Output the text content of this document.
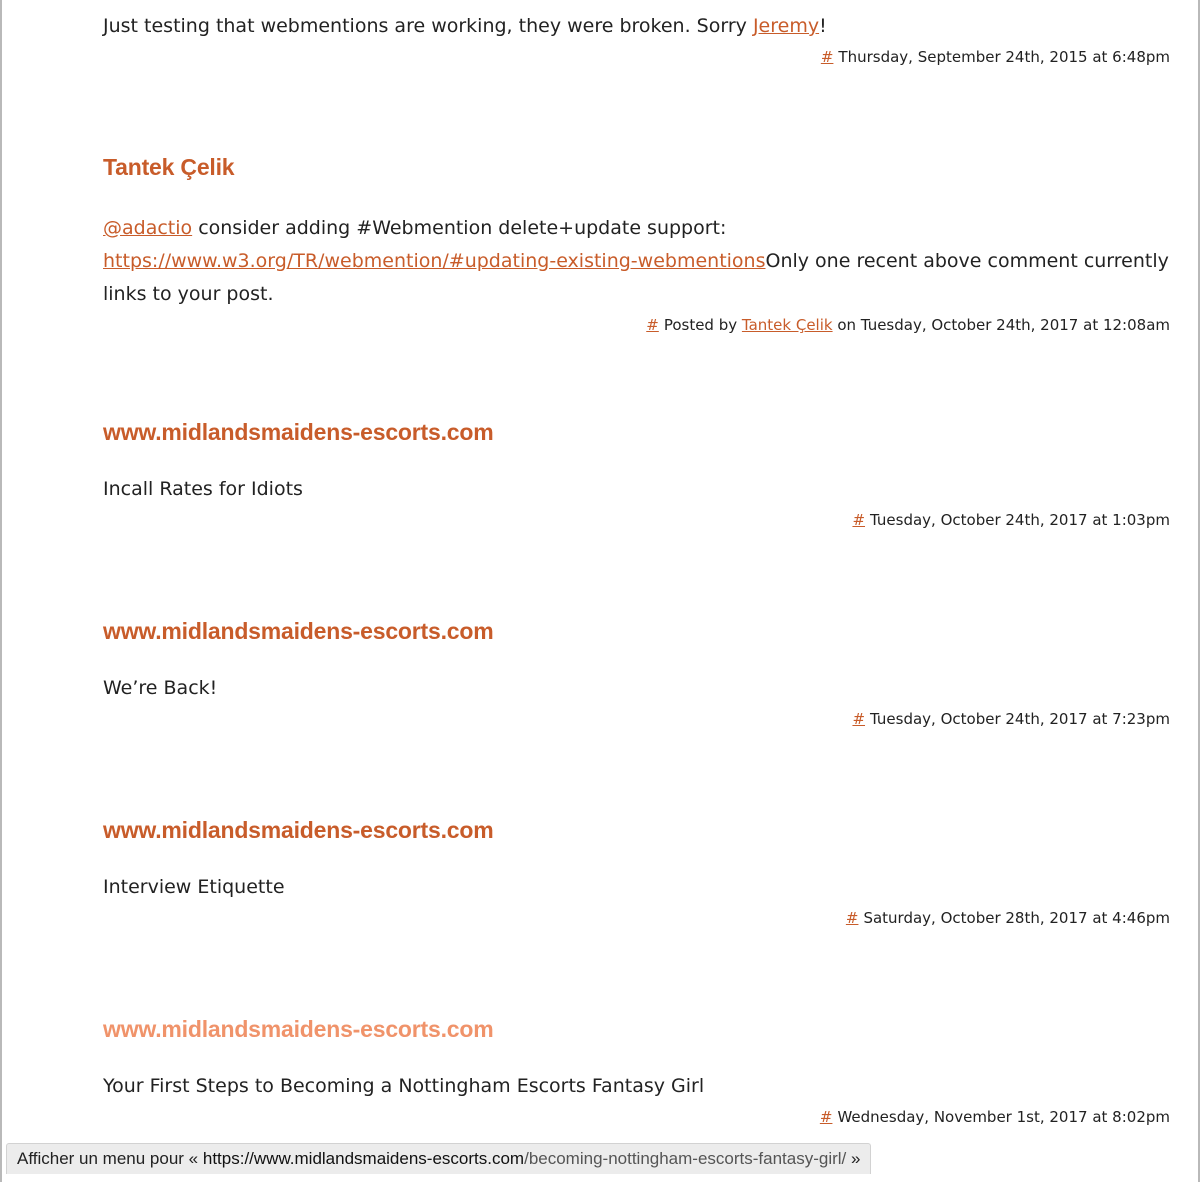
Just testing that webmentions are working, they were broken. Sorry Jeremy!

# Thursday, September 24th, 2015 at 6:48pm
Tantek Çelik

@adactio consider adding #Webmention delete+update support:
https://www.w3.org/TR/webmention/#updating-existing-webmentionsOnly one recent above comment currently links to your post.

# Posted by Tantek Çelik on Tuesday, October 24th, 2017 at 12:08am
www.midlandsmaidens-escorts.com

Incall Rates for Idiots

# Tuesday, October 24th, 2017 at 1:03pm
www.midlandsmaidens-escorts.com

We’re Back!

# Tuesday, October 24th, 2017 at 7:23pm
www.midlandsmaidens-escorts.com

Interview Etiquette

# Saturday, October 28th, 2017 at 4:46pm
www.midlandsmaidens-escorts.com

Your First Steps to Becoming a Nottingham Escorts Fantasy Girl

# Wednesday, November 1st, 2017 at 8:02pm
Afficher un menu pour « https://www.midlandsmaidens-escorts.com/becoming-nottingham-escorts-fantasy-girl/ »
